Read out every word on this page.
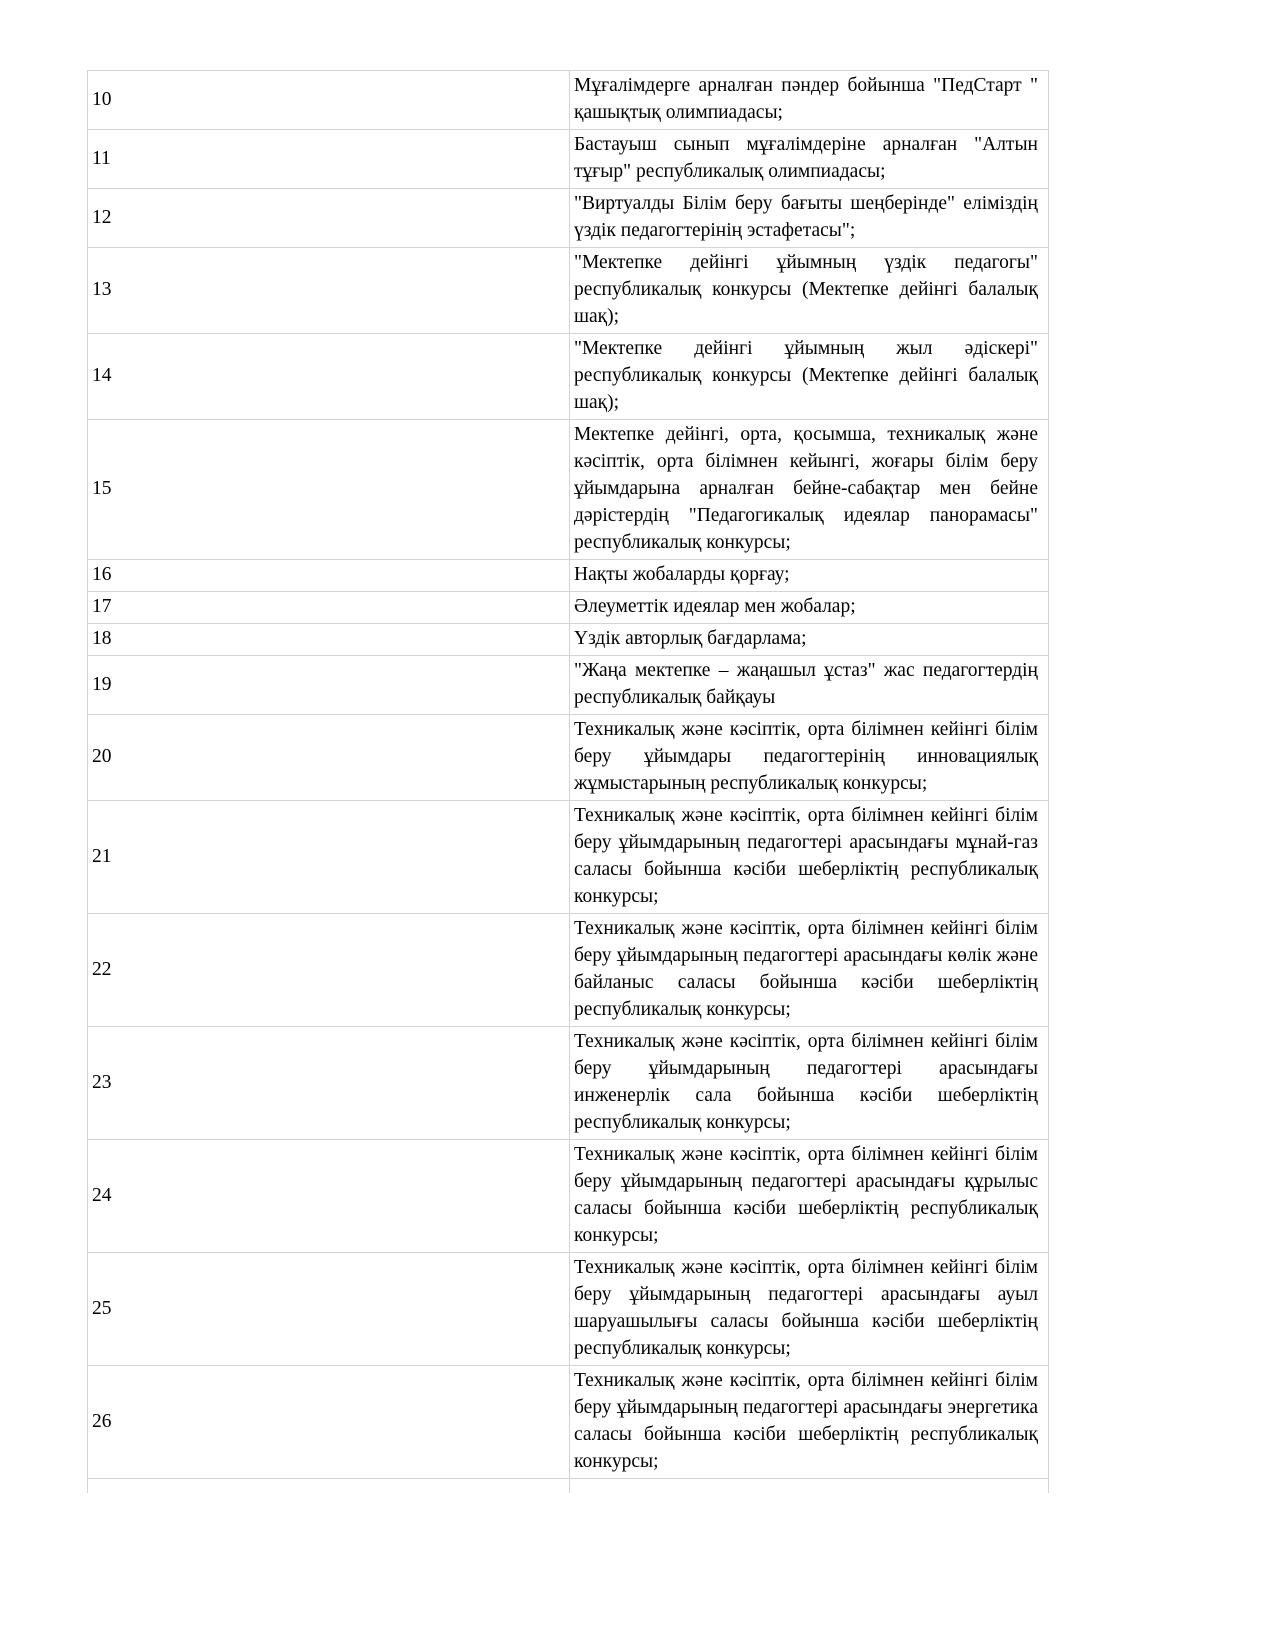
10	Мұғалімдерге арналған пәндер бойынша "ПедСтарт " қашықтық олимпиадасы;
11	Бастауыш сынып мұғалімдеріне арналған "Алтын тұғыр" республикалық олимпиадасы;
12	"Виртуалды Білім беру бағыты шеңберінде" еліміздің үздік педагогтерінің эстафетасы";
13	"Мектепке дейінгі ұйымның үздік педагогы" республикалық конкурсы (Мектепке дейінгі балалық шақ);
14	"Мектепке дейінгі ұйымның жыл әдіскері" республикалық конкурсы (Мектепке дейінгі балалық шақ);
15	Мектепке дейінгі, орта, қосымша, техникалық және кәсіптік, орта білімнен кейынгі, жоғары білім беру ұйымдарына арналған бейне-сабақтар мен бейне дәрістердің "Педагогикалық идеялар панорамасы" республикалық конкурсы;
16	Нақты жобаларды қорғау;
17	Әлеуметтік идеялар мен жобалар;
18	Үздік авторлық бағдарлама;
19	"Жаңа мектепке – жаңашыл ұстаз" жас педагогтердің республикалық байқауы
20	Техникалық және кәсіптік, орта білімнен кейінгі білім беру ұйымдары педагогтерінің инновациялық жұмыстарының республикалық конкурсы;
21	Техникалық және кәсіптік, орта білімнен кейінгі білім беру ұйымдарының педагогтері арасындағы мұнай-газ саласы бойынша кәсіби шеберліктің республикалық конкурсы;
22	Техникалық және кәсіптік, орта білімнен кейінгі білім беру ұйымдарының педагогтері арасындағы көлік және байланыс саласы бойынша кәсіби шеберліктің республикалық конкурсы;
23	Техникалық және кәсіптік, орта білімнен кейінгі білім беру ұйымдарының педагогтері арасындағы инженерлік сала бойынша кәсіби шеберліктің республикалық конкурсы;
24	Техникалық және кәсіптік, орта білімнен кейінгі білім беру ұйымдарының педагогтері арасындағы құрылыс саласы бойынша кәсіби шеберліктің республикалық конкурсы;
25	Техникалық және кәсіптік, орта білімнен кейінгі білім беру ұйымдарының педагогтері арасындағы ауыл шаруашылығы саласы бойынша кәсіби шеберліктің республикалық конкурсы;
26	Техникалық және кәсіптік, орта білімнен кейінгі білім беру ұйымдарының педагогтері арасындағы энергетика саласы бойынша кәсіби шеберліктің республикалық конкурсы;
